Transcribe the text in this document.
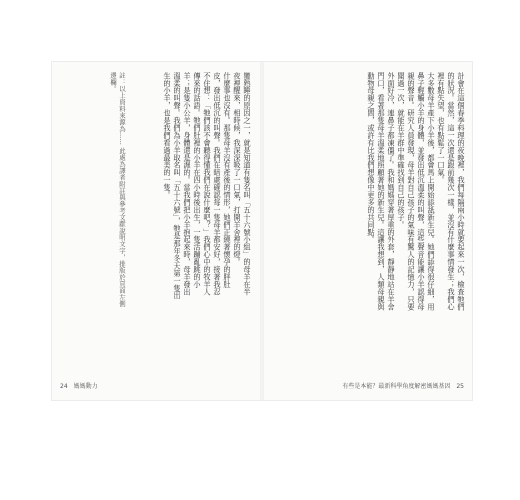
蠻熟睡的原因之一，就是知道有隻名叫「五十六號小組」的母羊在半夜裡醒來，相時候，我深深吸了一口氣，打開羊舍裡的燈。
什麼事也沒有。那隻母羊沒有產後的情形，她們正繞著懷孕的胖肚皮，發出低沉的叫聲。我們在暗處確認每一隻母羊都安好，接著我忍不住想：「牠們該不會聽得懂我們在說什麼吧？」我們心中的牧羊人傳來的話語。牠們肚裡的小羊在四小時後出生，一隻活蹦亂跳的小羊；是隻小公羊，身體還是濕的。當我們把小羊抱起來時，母羊發出溫柔的叫聲。我們為小羊取名叫「五十六號」，牠是那年冬天第一隻出生的小羊，也是我們看過最美的一隻。
註：以上資料來源為…… 此處為譯者附註與參考文獻說明文字，排版於頁面左側邊欄。
24 媽媽動力
計會在這個春季料理的夜晚裡，我們每隔兩小時就要起來一次，檢查牠們的狀況。當然，這一次還是跟前幾次一樣，並沒有什麼事情發生；我們心裡有點失望，也有點鬆了一口氣。
大多數母羊產下小羊後，都會馬上開始舔舐新生兒。她們舔得很仔細，用鼻子輕觸小羊的身體，並發出低沉溫柔的叫聲，這些聲音能讓小羊認得母親的聲音。研究人員發現，母羊對自己孩子的氣味有驚人的記憶力，只要聞過一次，就能在羊群中準確找到自己的孩子。
外面好冷，連鼻子都凍僵了。我和媽媽穿著厚重的外套，靜靜地站在羊舍門口，看著那隻母羊溫柔地照顧著她的新生兒。這讓我想到，人類母親與動物母親之間，或許有比我們想像中更多的共同點。
有些是本能？最新科學角度解密媽媽基因 25
